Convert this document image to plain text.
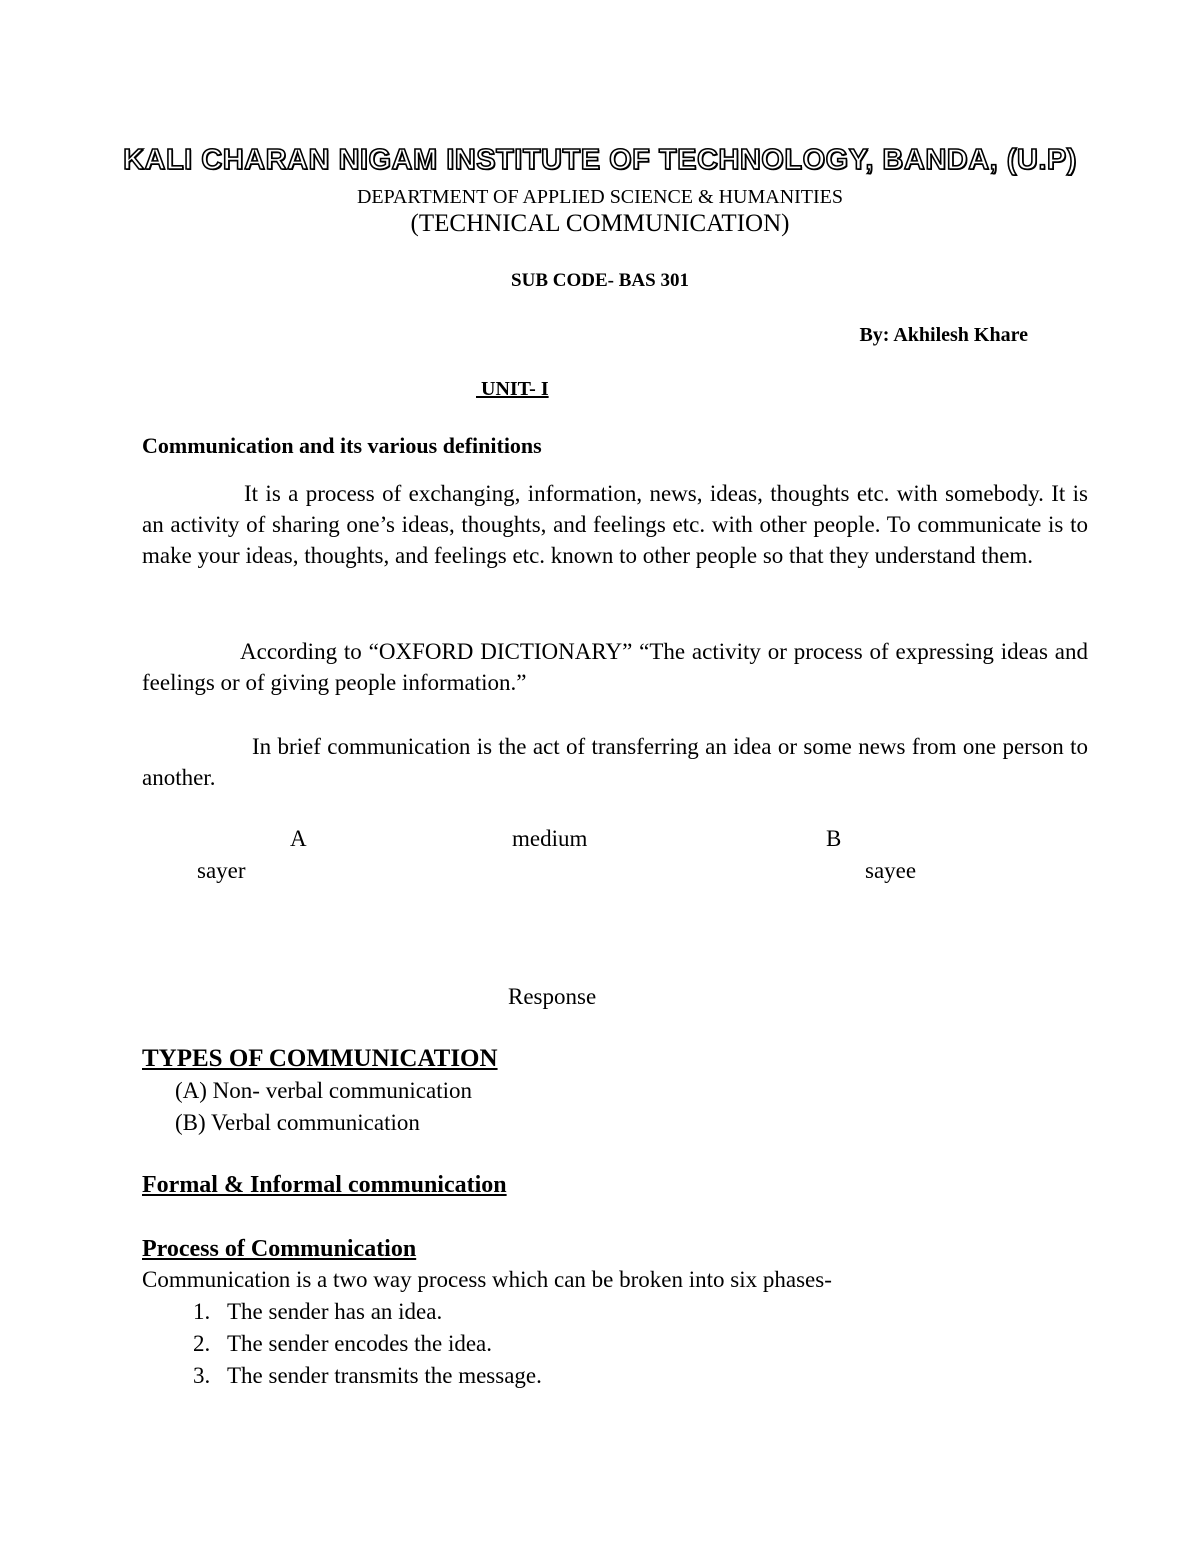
KALI CHARAN NIGAM INSTITUTE OF TECHNOLOGY, BANDA, (U.P)
DEPARTMENT OF APPLIED SCIENCE & HUMANITIES
(TECHNICAL COMMUNICATION)
SUB CODE- BAS 301
By: Akhilesh Khare
UNIT- I
Communication and its various definitions
It is a process of exchanging, information, news, ideas, thoughts etc. with somebody. It is an activity of sharing one’s ideas, thoughts, and feelings etc. with other people. To communicate is to make your ideas, thoughts, and feelings etc. known to other people so that they understand them.
According to “OXFORD DICTIONARY” “The activity or process of expressing ideas and feelings or of giving people information.”
In brief communication is the act of transferring an idea or some news from one person to another.
A	medium	B
sayer	sayee
Response
TYPES OF COMMUNICATION
(A) Non- verbal communication
(B) Verbal communication
Formal & Informal communication
Process of Communication
Communication is a two way process which can be broken into six phases-
1. The sender has an idea.
2. The sender encodes the idea.
3. The sender transmits the message.
